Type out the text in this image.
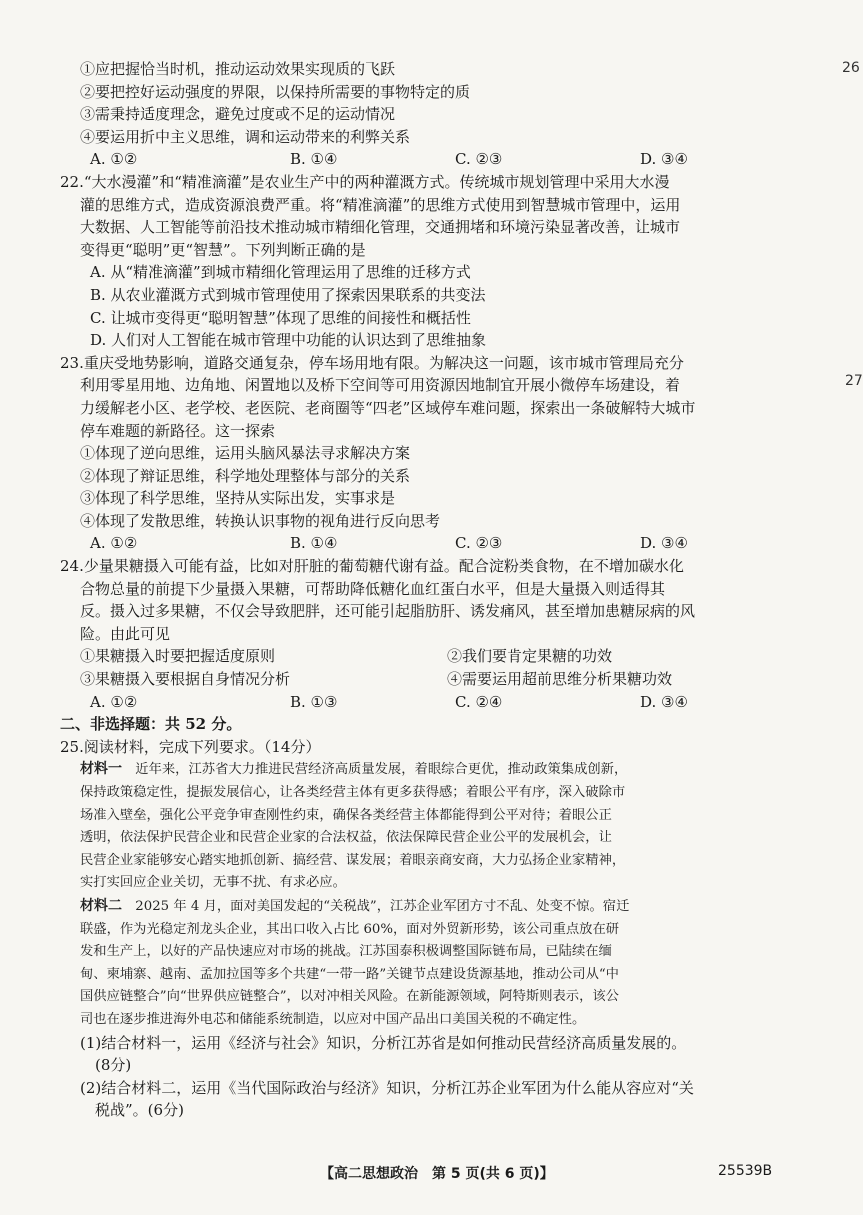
26
27
①应把握恰当时机，推动运动效果实现质的飞跃
②要把控好运动强度的界限，以保持所需要的事物特定的质
③需秉持适度理念，避免过度或不足的运动情况
④要运用折中主义思维，调和运动带来的利弊关系
A. ①②	B. ①④	C. ②③	D. ③④
22.“大水漫灌”和“精准滴灌”是农业生产中的两种灌溉方式。传统城市规划管理中采用大水漫
灌的思维方式，造成资源浪费严重。将“精准滴灌”的思维方式使用到智慧城市管理中，运用
大数据、人工智能等前沿技术推动城市精细化管理，交通拥堵和环境污染显著改善，让城市
变得更“聪明”更“智慧”。下列判断正确的是
A. 从“精准滴灌”到城市精细化管理运用了思维的迁移方式
B. 从农业灌溉方式到城市管理使用了探索因果联系的共变法
C. 让城市变得更“聪明智慧”体现了思维的间接性和概括性
D. 人们对人工智能在城市管理中功能的认识达到了思维抽象
23.重庆受地势影响，道路交通复杂，停车场用地有限。为解决这一问题，该市城市管理局充分
利用零星用地、边角地、闲置地以及桥下空间等可用资源因地制宜开展小微停车场建设，着
力缓解老小区、老学校、老医院、老商圈等“四老”区域停车难问题，探索出一条破解特大城市
停车难题的新路径。这一探索
①体现了逆向思维，运用头脑风暴法寻求解决方案
②体现了辩证思维，科学地处理整体与部分的关系
③体现了科学思维，坚持从实际出发，实事求是
④体现了发散思维，转换认识事物的视角进行反向思考
A. ①②	B. ①④	C. ②③	D. ③④
24.少量果糖摄入可能有益，比如对肝脏的葡萄糖代谢有益。配合淀粉类食物，在不增加碳水化
合物总量的前提下少量摄入果糖，可帮助降低糖化血红蛋白水平，但是大量摄入则适得其
反。摄入过多果糖，不仅会导致肥胖，还可能引起脂肪肝、诱发痛风，甚至增加患糖尿病的风
险。由此可见
①果糖摄入时要把握适度原则	②我们要肯定果糖的功效
③果糖摄入要根据自身情况分析	④需要运用超前思维分析果糖功效
A. ①②	B. ①③	C. ②④	D. ③④
二、非选择题：共 52 分。
25.阅读材料，完成下列要求。（14分）
材料一　近年来，江苏省大力推进民营经济高质量发展，着眼综合更优，推动政策集成创新，
保持政策稳定性，提振发展信心，让各类经营主体有更多获得感；着眼公平有序，深入破除市
场准入壁垒，强化公平竞争审查刚性约束，确保各类经营主体都能得到公平对待；着眼公正
透明，依法保护民营企业和民营企业家的合法权益，依法保障民营企业公平的发展机会，让
民营企业家能够安心踏实地抓创新、搞经营、谋发展；着眼亲商安商，大力弘扬企业家精神，
实打实回应企业关切，无事不扰、有求必应。
材料二　2025 年 4 月，面对美国发起的“关税战”，江苏企业军团方寸不乱、处变不惊。宿迁
联盛，作为光稳定剂龙头企业，其出口收入占比 60%，面对外贸新形势，该公司重点放在研
发和生产上，以好的产品快速应对市场的挑战。江苏国泰积极调整国际链布局，已陆续在缅
甸、柬埔寨、越南、孟加拉国等多个共建“一带一路”关键节点建设货源基地，推动公司从“中
国供应链整合”向“世界供应链整合”，以对冲相关风险。在新能源领域，阿特斯则表示，该公
司也在逐步推进海外电芯和储能系统制造，以应对中国产品出口美国关税的不确定性。
(1)结合材料一，运用《经济与社会》知识，分析江苏省是如何推动民营经济高质量发展的。
　(8分)
(2)结合材料二，运用《当代国际政治与经济》知识，分析江苏企业军团为什么能从容应对“关
　税战”。(6分)
【高二思想政治　第 5 页(共 6 页)】	25539B
